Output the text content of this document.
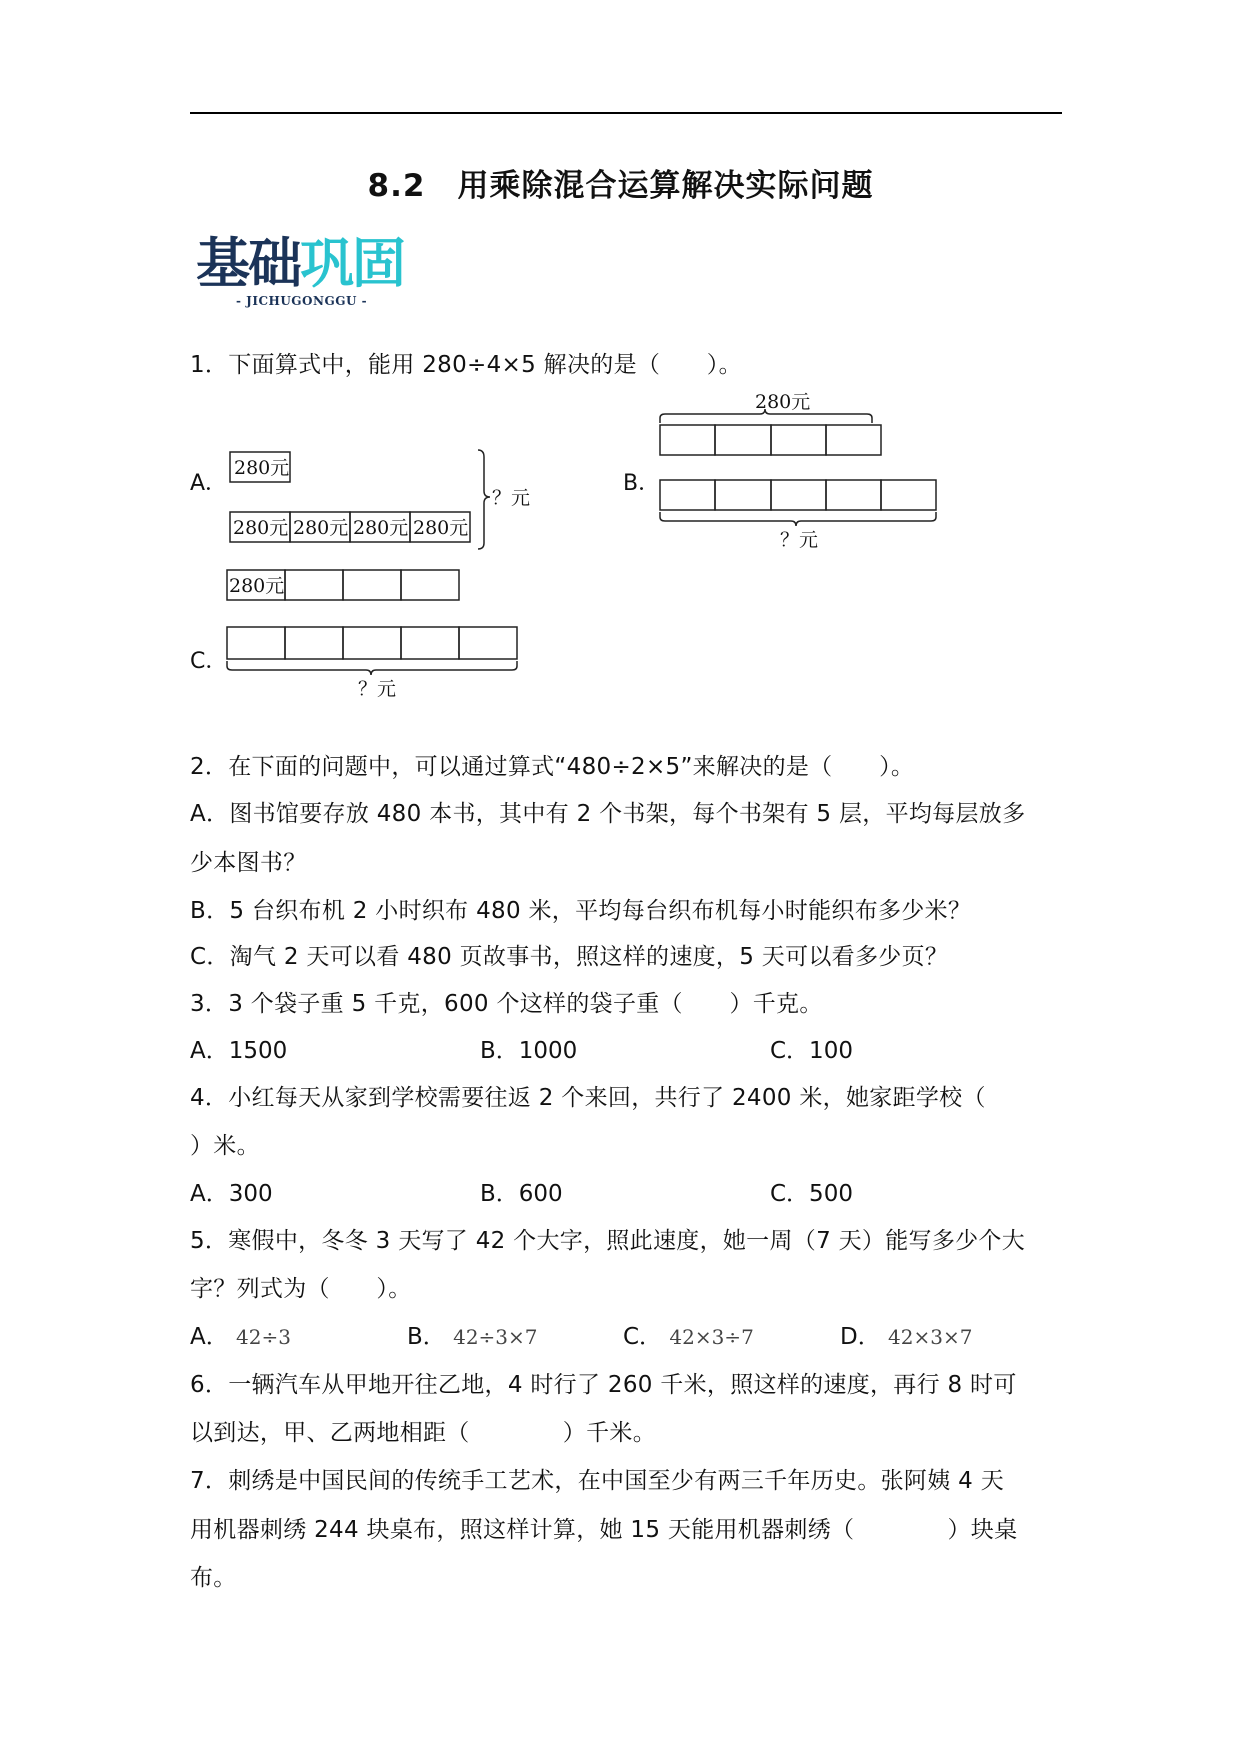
8.2　用乘除混合运算解决实际问题
基础巩固
- JICHUGONGGU -
1．下面算式中，能用 280÷4×5 解决的是（　　）。
A．	B．
C．
280元
280元 280元 280元 280元
？元
280元
？元
280元
？元
2．在下面的问题中，可以通过算式“480÷2×5”来解决的是（　　）。
A．图书馆要存放 480 本书，其中有 2 个书架，每个书架有 5 层，平均每层放多
少本图书？
B．5 台织布机 2 小时织布 480 米，平均每台织布机每小时能织布多少米？
C．淘气 2 天可以看 480 页故事书，照这样的速度，5 天可以看多少页？
3．3 个袋子重 5 千克，600 个这样的袋子重（　　）千克。
A．1500	B．1000	C．100
4．小红每天从家到学校需要往返 2 个来回，共行了 2400 米，她家距学校（
）米。
A．300	B．600	C．500
5．寒假中，冬冬 3 天写了 42 个大字，照此速度，她一周（7 天）能写多少个大
字？列式为（　　）。
A． 42÷3	B． 42÷3×7	C． 42×3÷7	D． 42×3×7
6．一辆汽车从甲地开往乙地，4 时行了 260 千米，照这样的速度，再行 8 时可
以到达，甲、乙两地相距（　　　　）千米。
7．刺绣是中国民间的传统手工艺术，在中国至少有两三千年历史。张阿姨 4 天
用机器刺绣 244 块桌布，照这样计算，她 15 天能用机器刺绣（　　　　）块桌
布。
